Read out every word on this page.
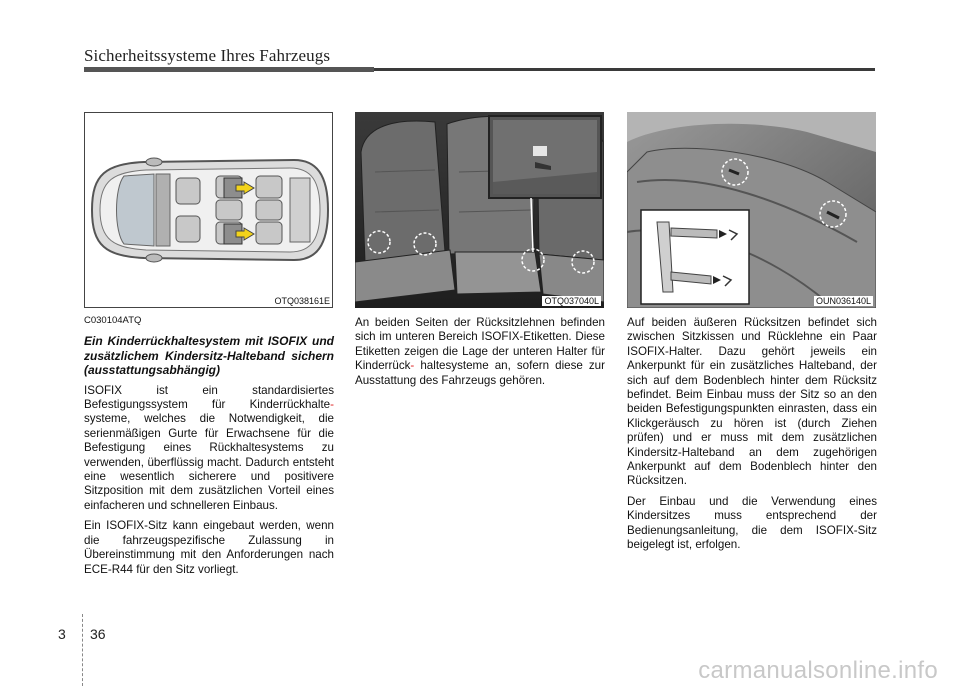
Sicherheitssysteme Ihres Fahrzeugs
OTQ038161E	OTQ037040L	OUN036140L

C030104ATQ

Ein Kinderrückhaltesystem mit ISOFIX und zusätzlichem Kindersitz-Halteband sichern (ausstattungsabhängig)

ISOFIX ist ein standardisiertes Befestigungssystem für Kinderrückhalte- systeme, welches die Notwendigkeit, die serienmäßigen Gurte für Erwachsene für die Befestigung eines Rückhaltesystems zu verwenden, überflüssig macht. Dadurch entsteht eine wesentlich sicherere und positivere Sitzposition mit dem zusätzlichen Vorteil eines einfacheren und schnelleren Einbaus.

Ein ISOFIX-Sitz kann eingebaut werden, wenn die fahrzeugspezifische Zulassung in Übereinstimmung mit den Anforderungen nach ECE-R44 für den Sitz vorliegt.

An beiden Seiten der Rücksitzlehnen befinden sich im unteren Bereich ISOFIX-Etiketten. Diese Etiketten zeigen die Lage der unteren Halter für Kinderrück- haltesysteme an, sofern diese zur Ausstattung des Fahrzeugs gehören.

Auf beiden äußeren Rücksitzen befindet sich zwischen Sitzkissen und Rücklehne ein Paar ISOFIX-Halter. Dazu gehört jeweils ein Ankerpunkt für ein zusätzliches Halteband, der sich auf dem Bodenblech hinter dem Rücksitz befindet. Beim Einbau muss der Sitz so an den beiden Befestigungspunkten einrasten, dass ein Klickgeräusch zu hören ist (durch Ziehen prüfen) und er muss mit dem zusätzlichen Kindersitz-Halteband an dem zugehörigen Ankerpunkt auf dem Bodenblech hinter den Rücksitzen.

Der Einbau und die Verwendung eines Kindersitzes muss entsprechend der Bedienungsanleitung, die dem ISOFIX-Sitz beigelegt ist, erfolgen.

3 36
carmanualsonline.info
